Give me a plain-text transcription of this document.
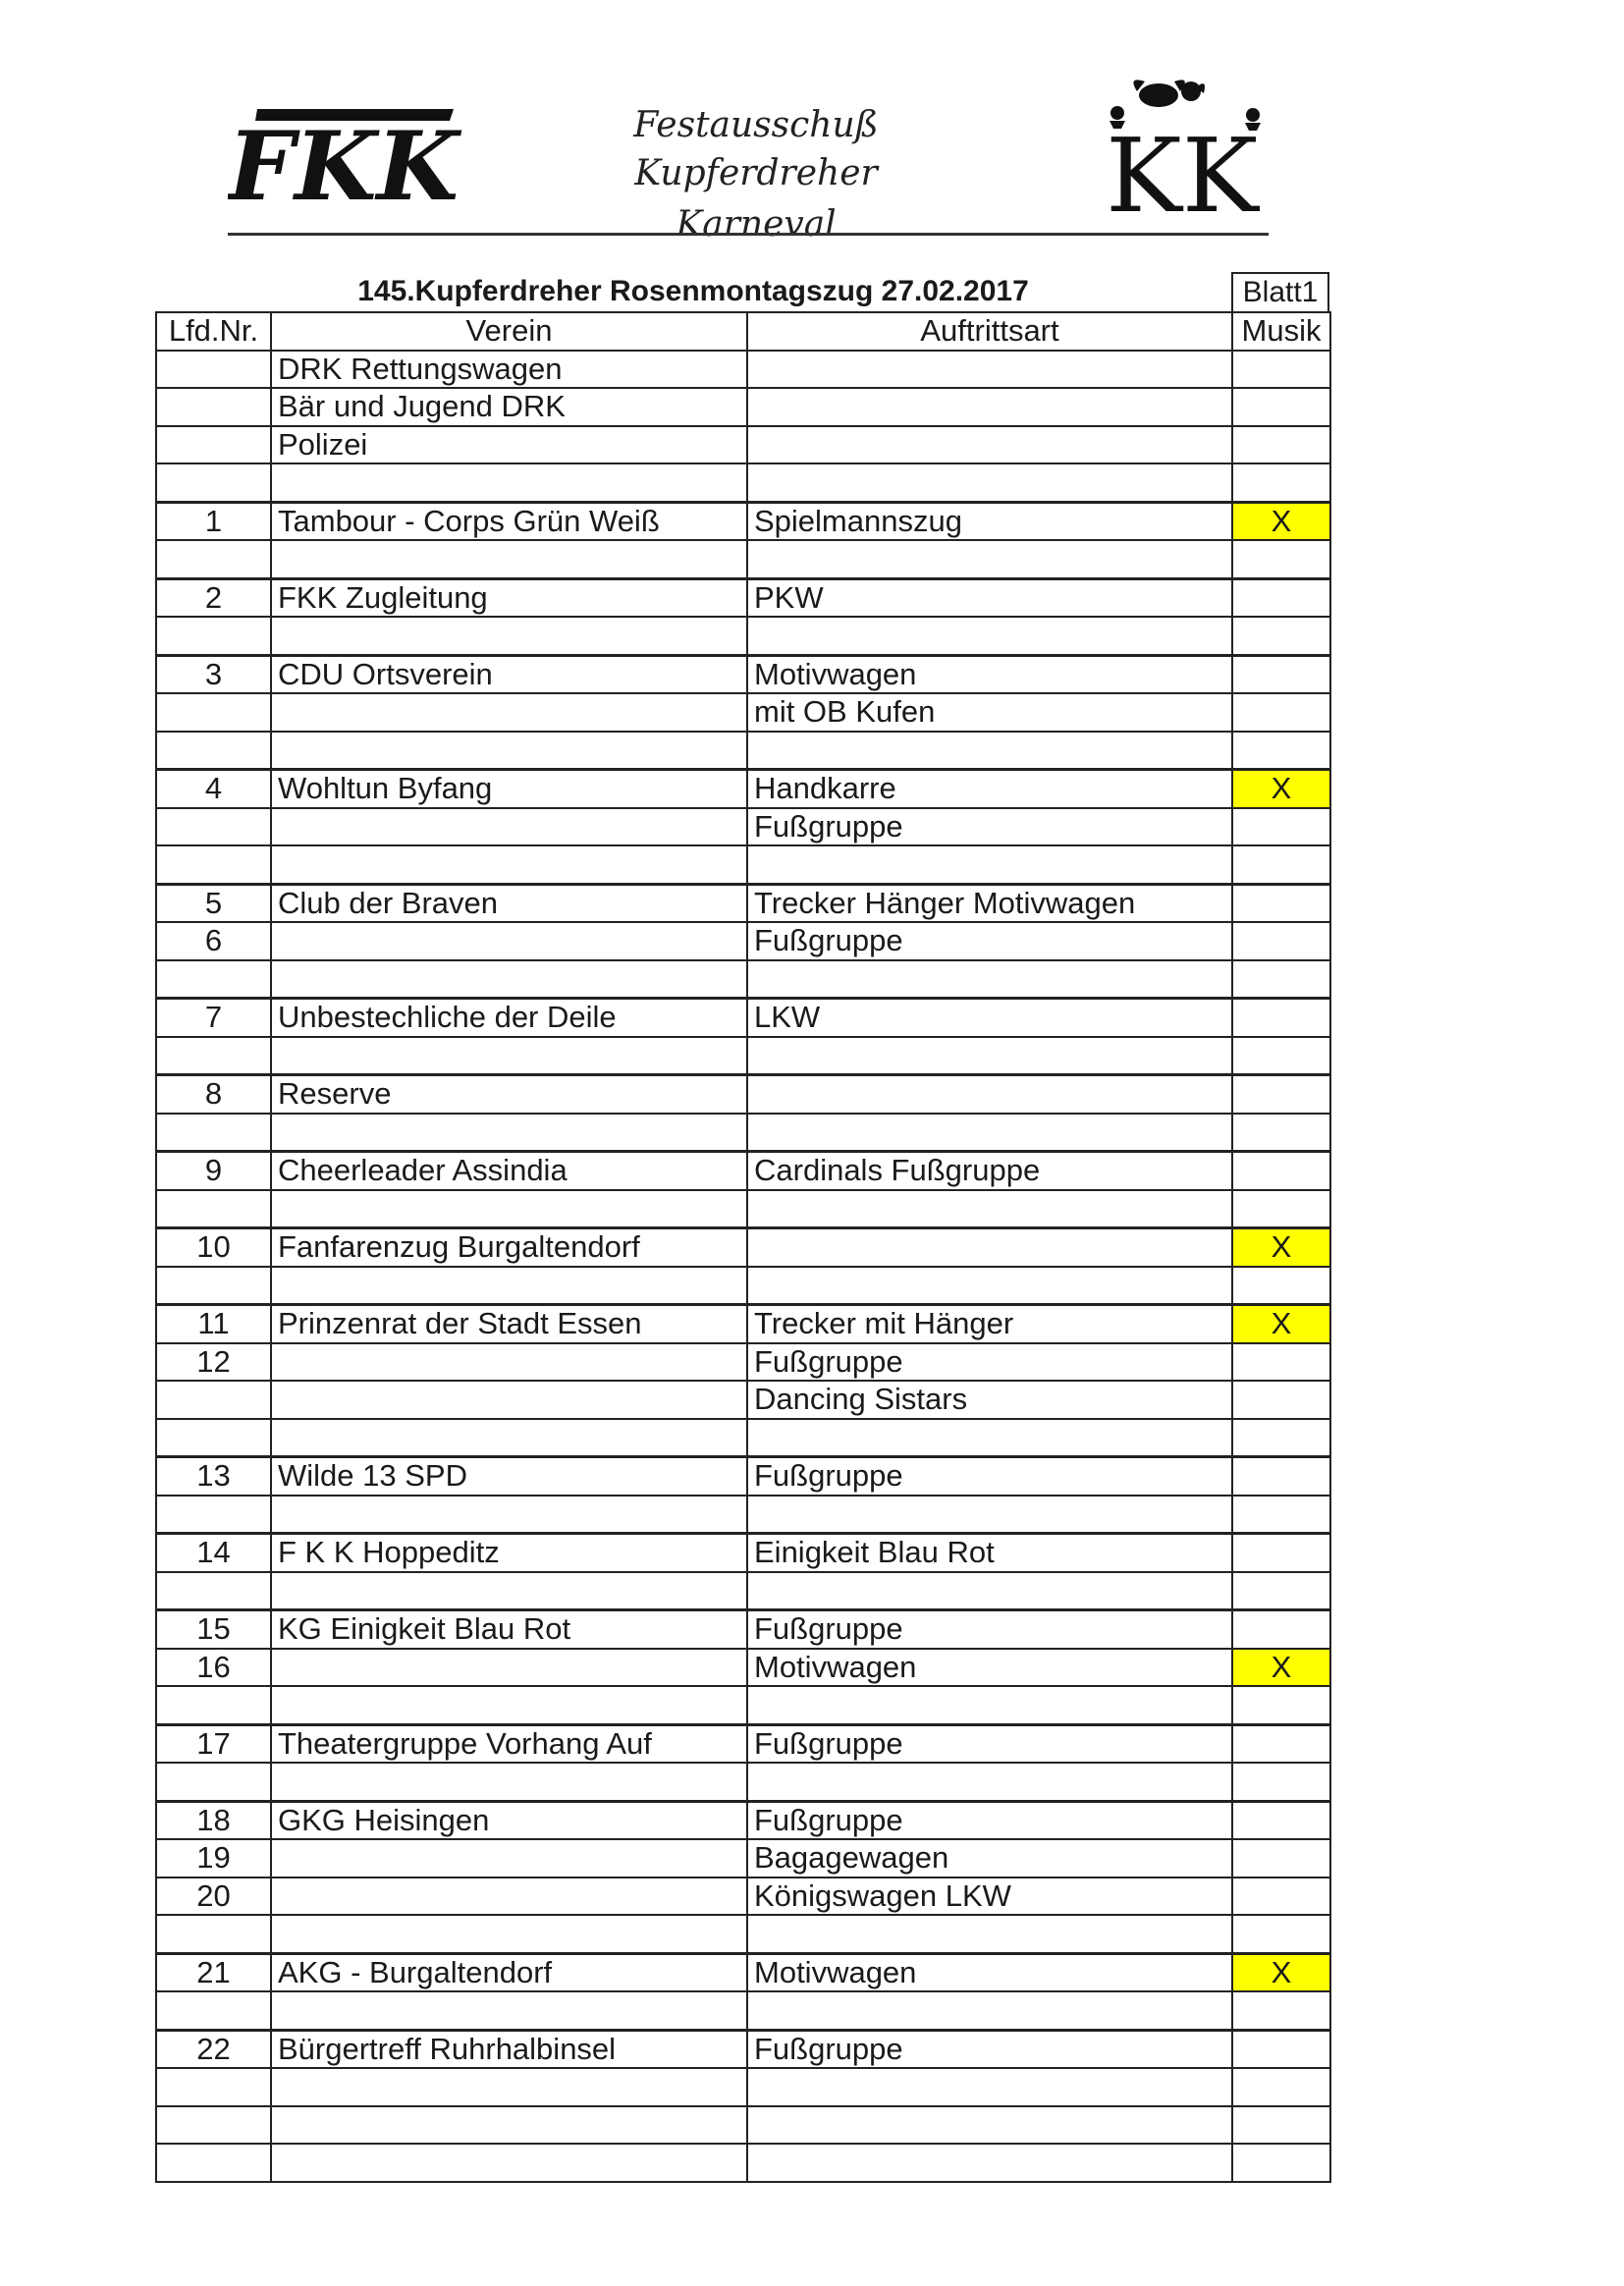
FKK	Festausschuß
Kupferdreher Karneval	KK
145.Kupferdreher Rosenmontagszug 27.02.2017	Blatt1
Lfd.Nr.	Verein	Auftrittsart	Musik
	DRK Rettungswagen		
	Bär und Jugend DRK		
	Polizei		

1	Tambour - Corps Grün Weiß	Spielmannszug	X

2	FKK Zugleitung	PKW	

3	CDU Ortsverein	Motivwagen	
		mit OB Kufen	

4	Wohltun Byfang	Handkarre	X
		Fußgruppe	

5	Club der Braven	Trecker Hänger Motivwagen	
6		Fußgruppe	

7	Unbestechliche der Deile	LKW	

8	Reserve		

9	Cheerleader Assindia	Cardinals Fußgruppe	

10	Fanfarenzug Burgaltendorf		X

11	Prinzenrat der Stadt Essen	Trecker mit Hänger	X
12		Fußgruppe	
		Dancing Sistars	

13	Wilde 13 SPD	Fußgruppe	

14	F K K Hoppeditz	Einigkeit Blau Rot	

15	KG Einigkeit Blau Rot	Fußgruppe	
16		Motivwagen	X

17	Theatergruppe Vorhang Auf	Fußgruppe	

18	GKG Heisingen	Fußgruppe	
19		Bagagewagen	
20		Königswagen LKW	

21	AKG - Burgaltendorf	Motivwagen	X

22	Bürgertreff Ruhrhalbinsel	Fußgruppe	
